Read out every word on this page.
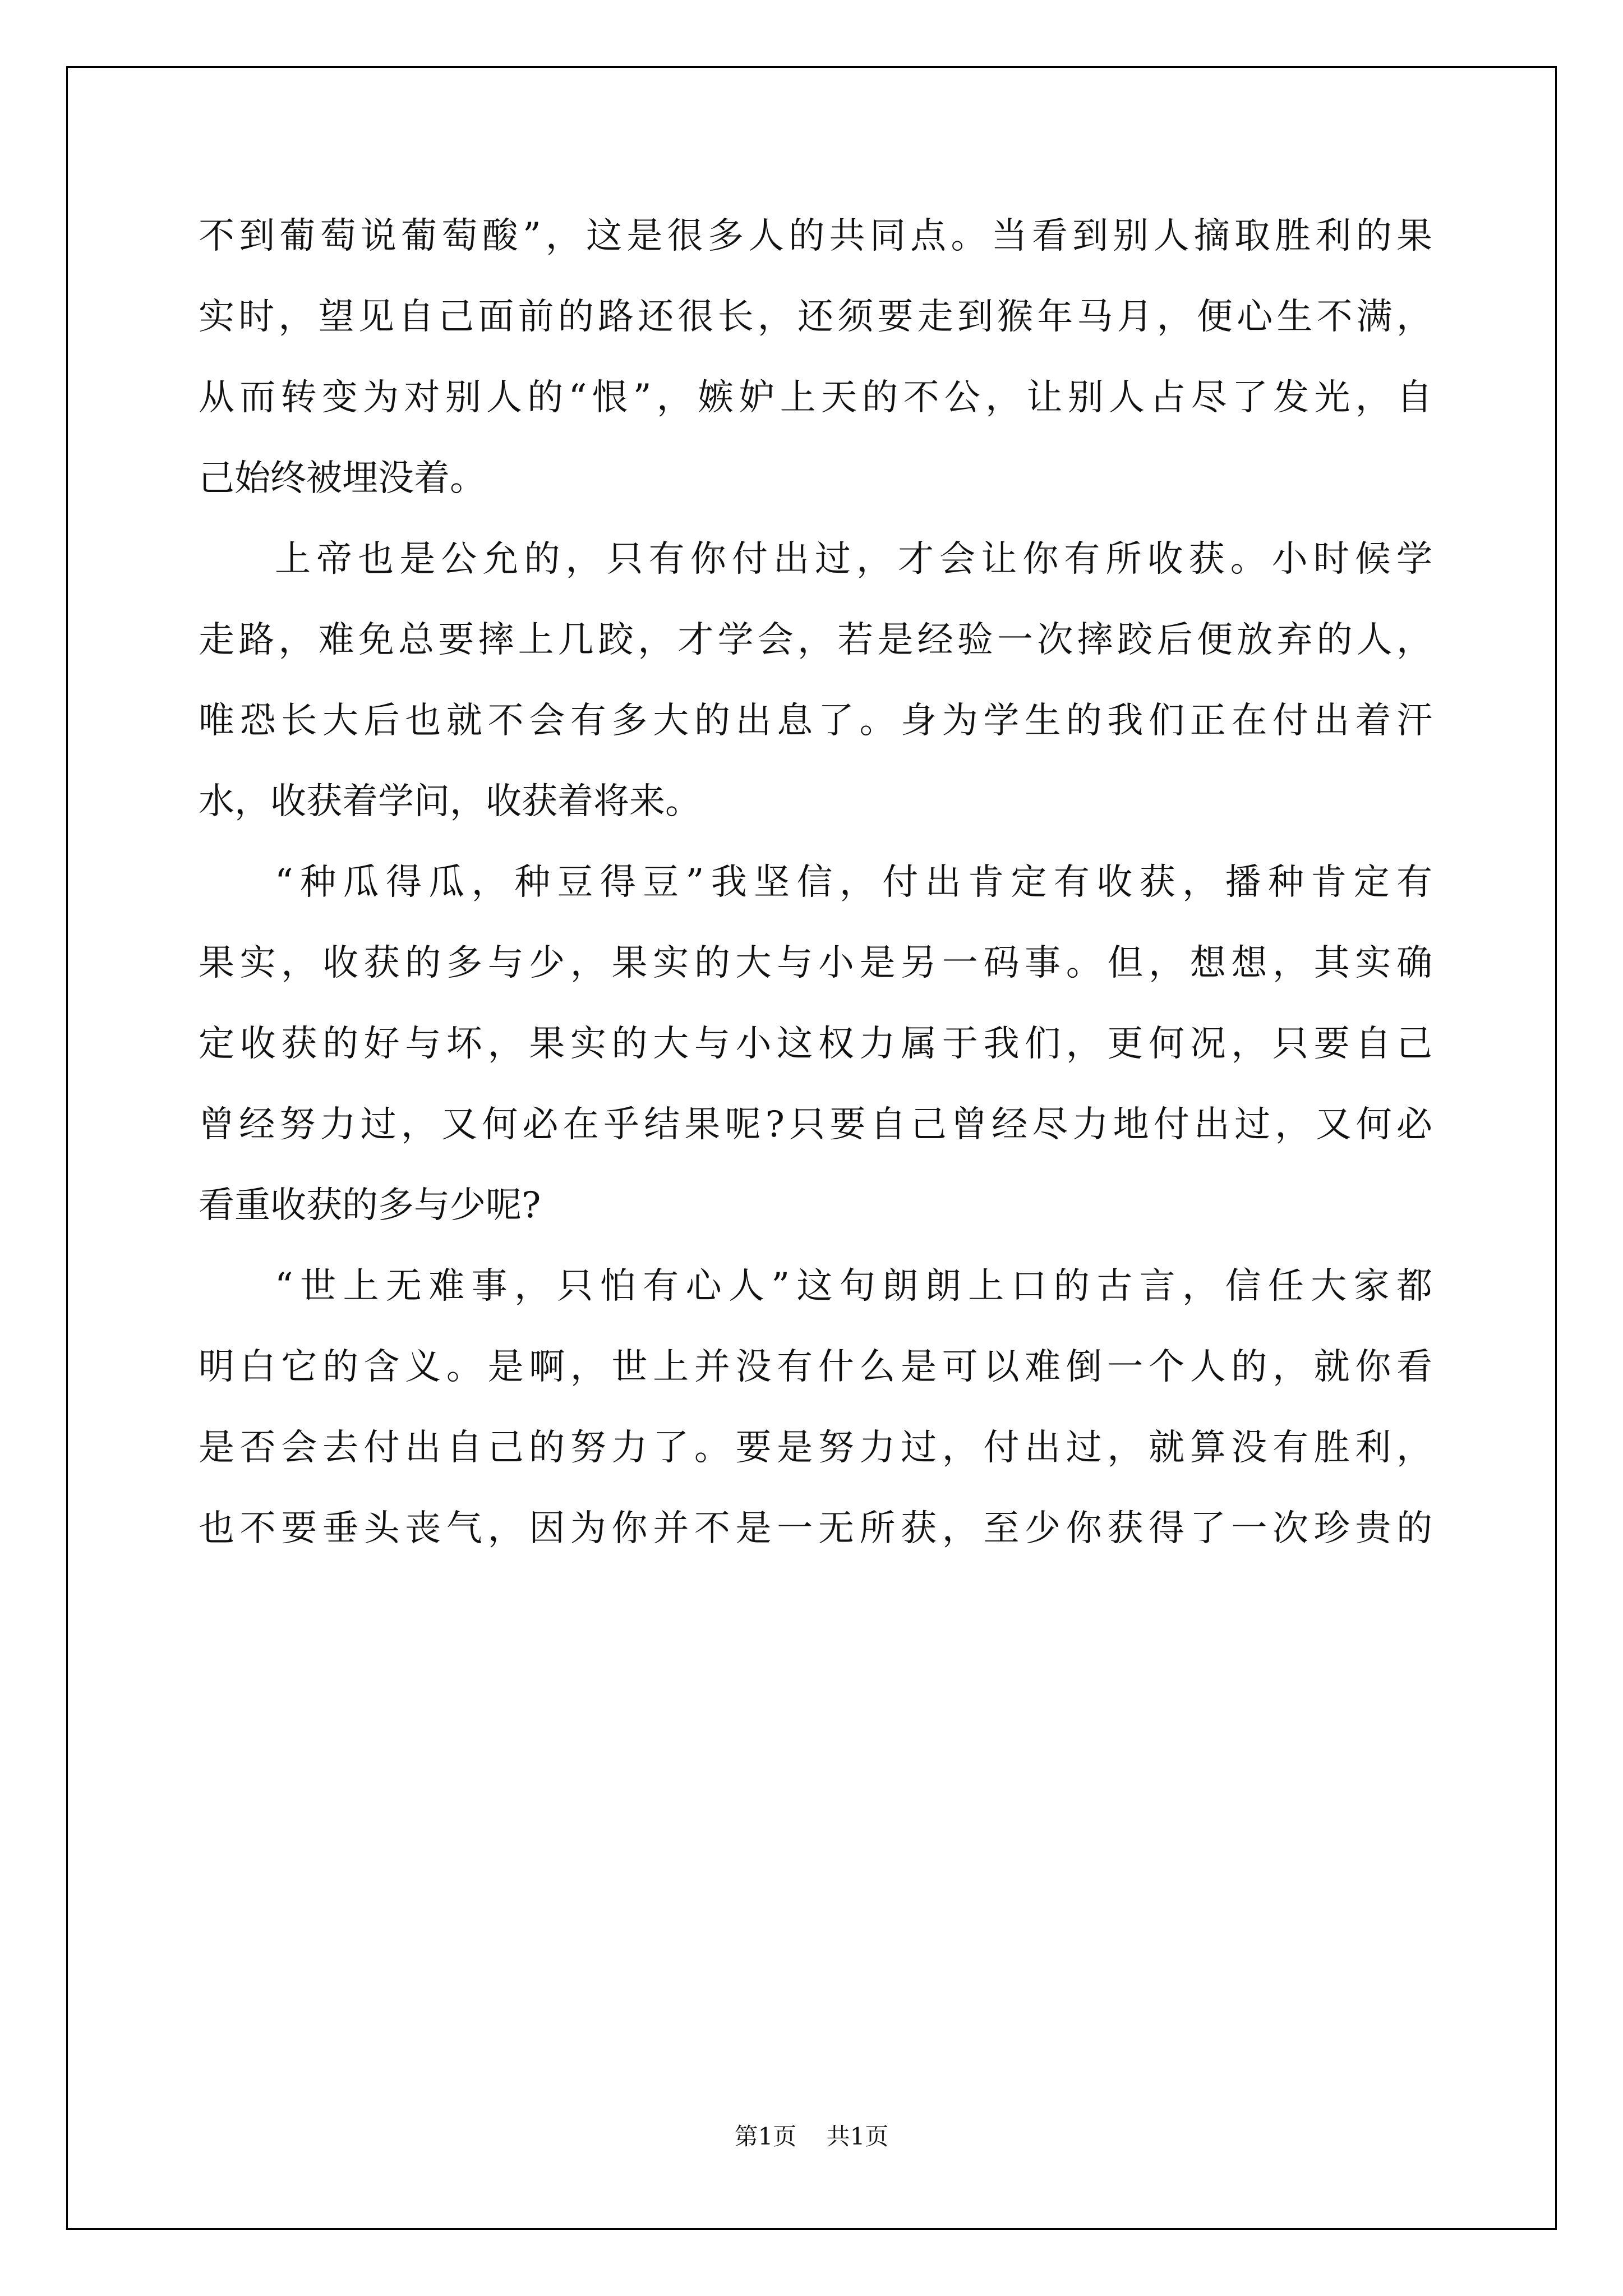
不到葡萄说葡萄酸”，这是很多人的共同点。当看到别人摘取胜利的果
实时，望见自己面前的路还很长，还须要走到猴年马月，便心生不满，
从而转变为对别人的“恨”，嫉妒上天的不公，让别人占尽了发光，自
己始终被埋没着。
上帝也是公允的，只有你付出过，才会让你有所收获。小时候学
走路，难免总要摔上几跤，才学会，若是经验一次摔跤后便放弃的人，
唯恐长大后也就不会有多大的出息了。身为学生的我们正在付出着汗
水，收获着学问，收获着将来。
“种瓜得瓜，种豆得豆”我坚信，付出肯定有收获，播种肯定有
果实，收获的多与少，果实的大与小是另一码事。但，想想，其实确
定收获的好与坏，果实的大与小这权力属于我们，更何况，只要自己
曾经努力过，又何必在乎结果呢?只要自己曾经尽力地付出过，又何必
看重收获的多与少呢?
“世上无难事，只怕有心人”这句朗朗上口的古言，信任大家都
明白它的含义。是啊，世上并没有什么是可以难倒一个人的，就你看
是否会去付出自己的努力了。要是努力过，付出过，就算没有胜利，
也不要垂头丧气，因为你并不是一无所获，至少你获得了一次珍贵的
第1页 共1页
